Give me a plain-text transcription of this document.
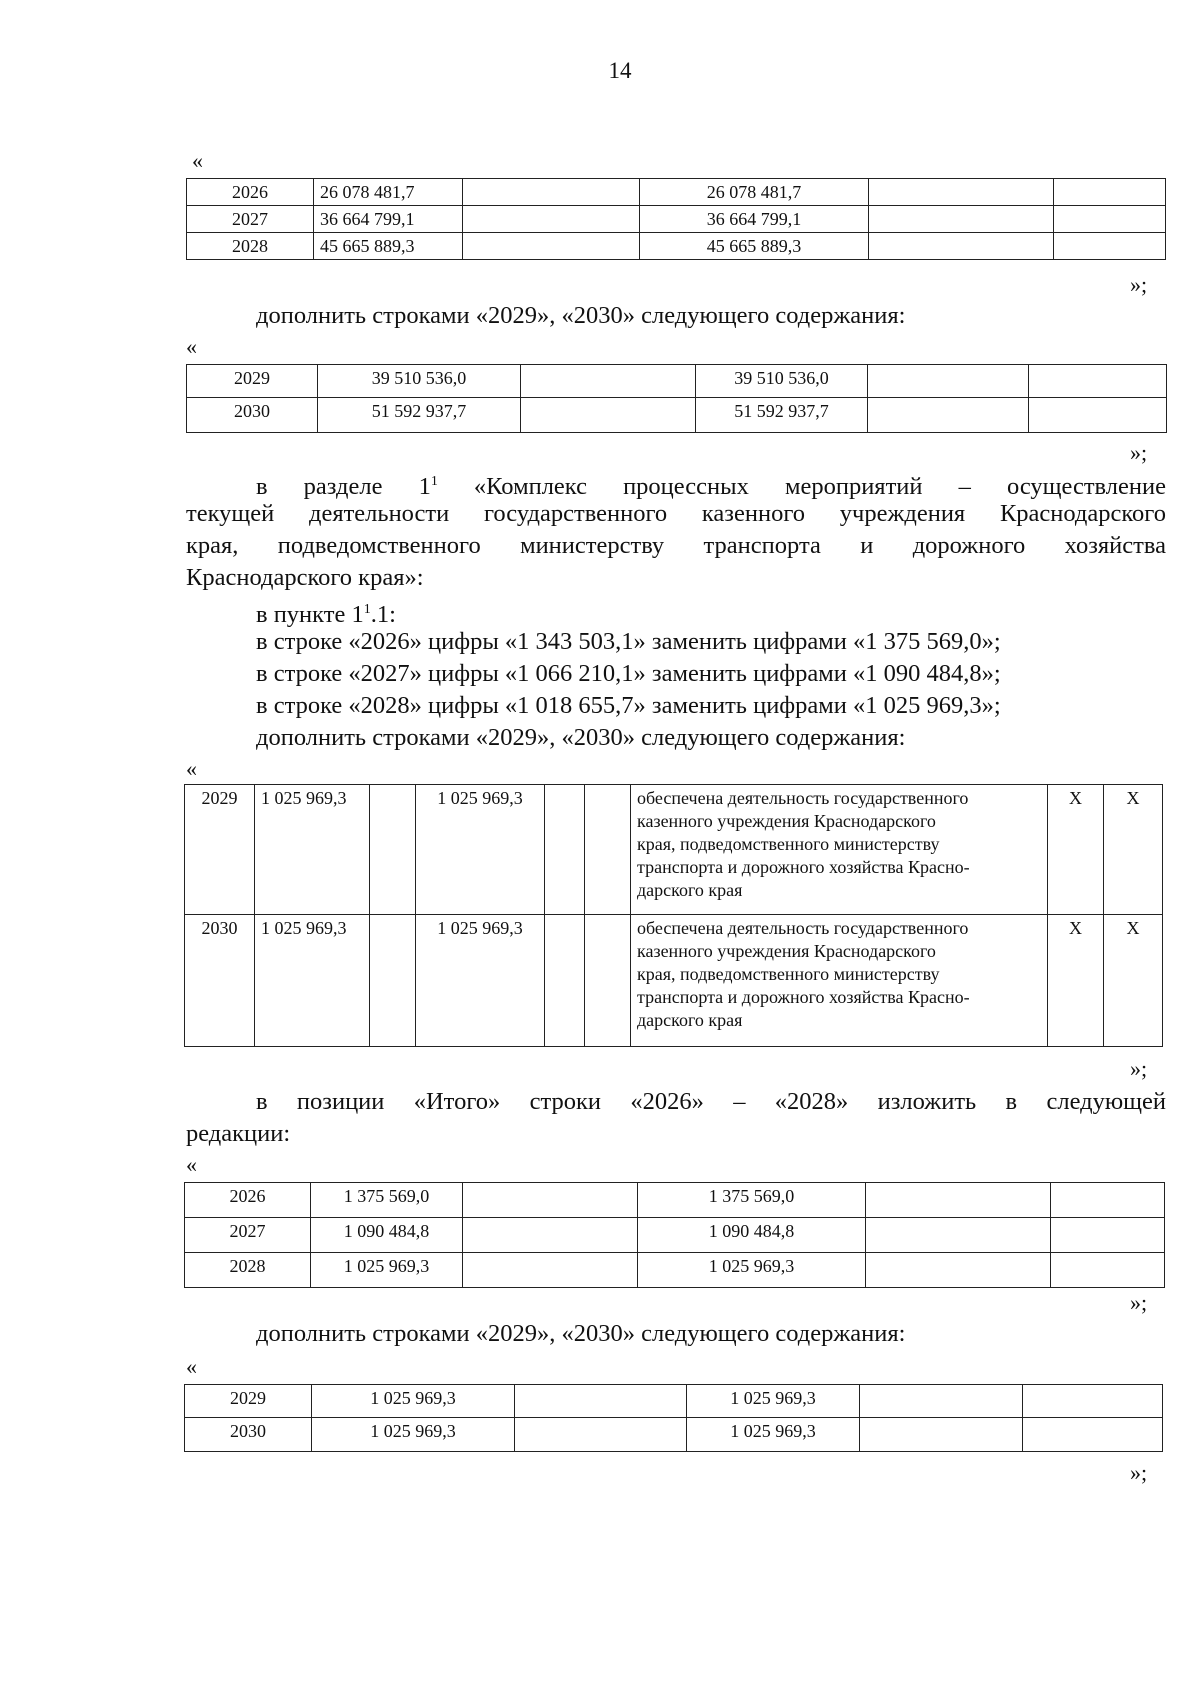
14
«
2026	26 078 481,7		26 078 481,7		
2027	36 664 799,1		36 664 799,1		
2028	45 665 889,3		45 665 889,3		
»;
дополнить строками «2029», «2030» следующего содержания:
«
2029	39 510 536,0		39 510 536,0		
2030	51 592 937,7		51 592 937,7		
»;
в разделе $1^1$ «Комплекс процессных мероприятий – осуществление
текущей деятельности государственного казенного учреждения Краснодарского
края, подведомственного министерству транспорта и дорожного хозяйства
Краснодарского края»:
в пункте $1^1.1$:
в строке «2026» цифры «1 343 503,1» заменить цифрами «1 375 569,0»;
в строке «2027» цифры «1 066 210,1» заменить цифрами «1 090 484,8»;
в строке «2028» цифры «1 018 655,7» заменить цифрами «1 025 969,3»;
дополнить строками «2029», «2030» следующего содержания:
«
2029	1 025 969,3		1 025 969,3			обеспечена деятельность государственного
казенного учреждения Краснодарского
края, подведомственного министерству
транспорта и дорожного хозяйства Красно-
дарского края	Х	Х
2030	1 025 969,3		1 025 969,3			обеспечена деятельность государственного
казенного учреждения Краснодарского
края, подведомственного министерству
транспорта и дорожного хозяйства Красно-
дарского края	Х	Х
»;
в позиции «Итого» строки «2026» – «2028» изложить в следующей
редакции:
«
2026	1 375 569,0		1 375 569,0		
2027	1 090 484,8		1 090 484,8		
2028	1 025 969,3		1 025 969,3		
»;
дополнить строками «2029», «2030» следующего содержания:
«
2029	1 025 969,3		1 025 969,3		
2030	1 025 969,3		1 025 969,3		
»;
